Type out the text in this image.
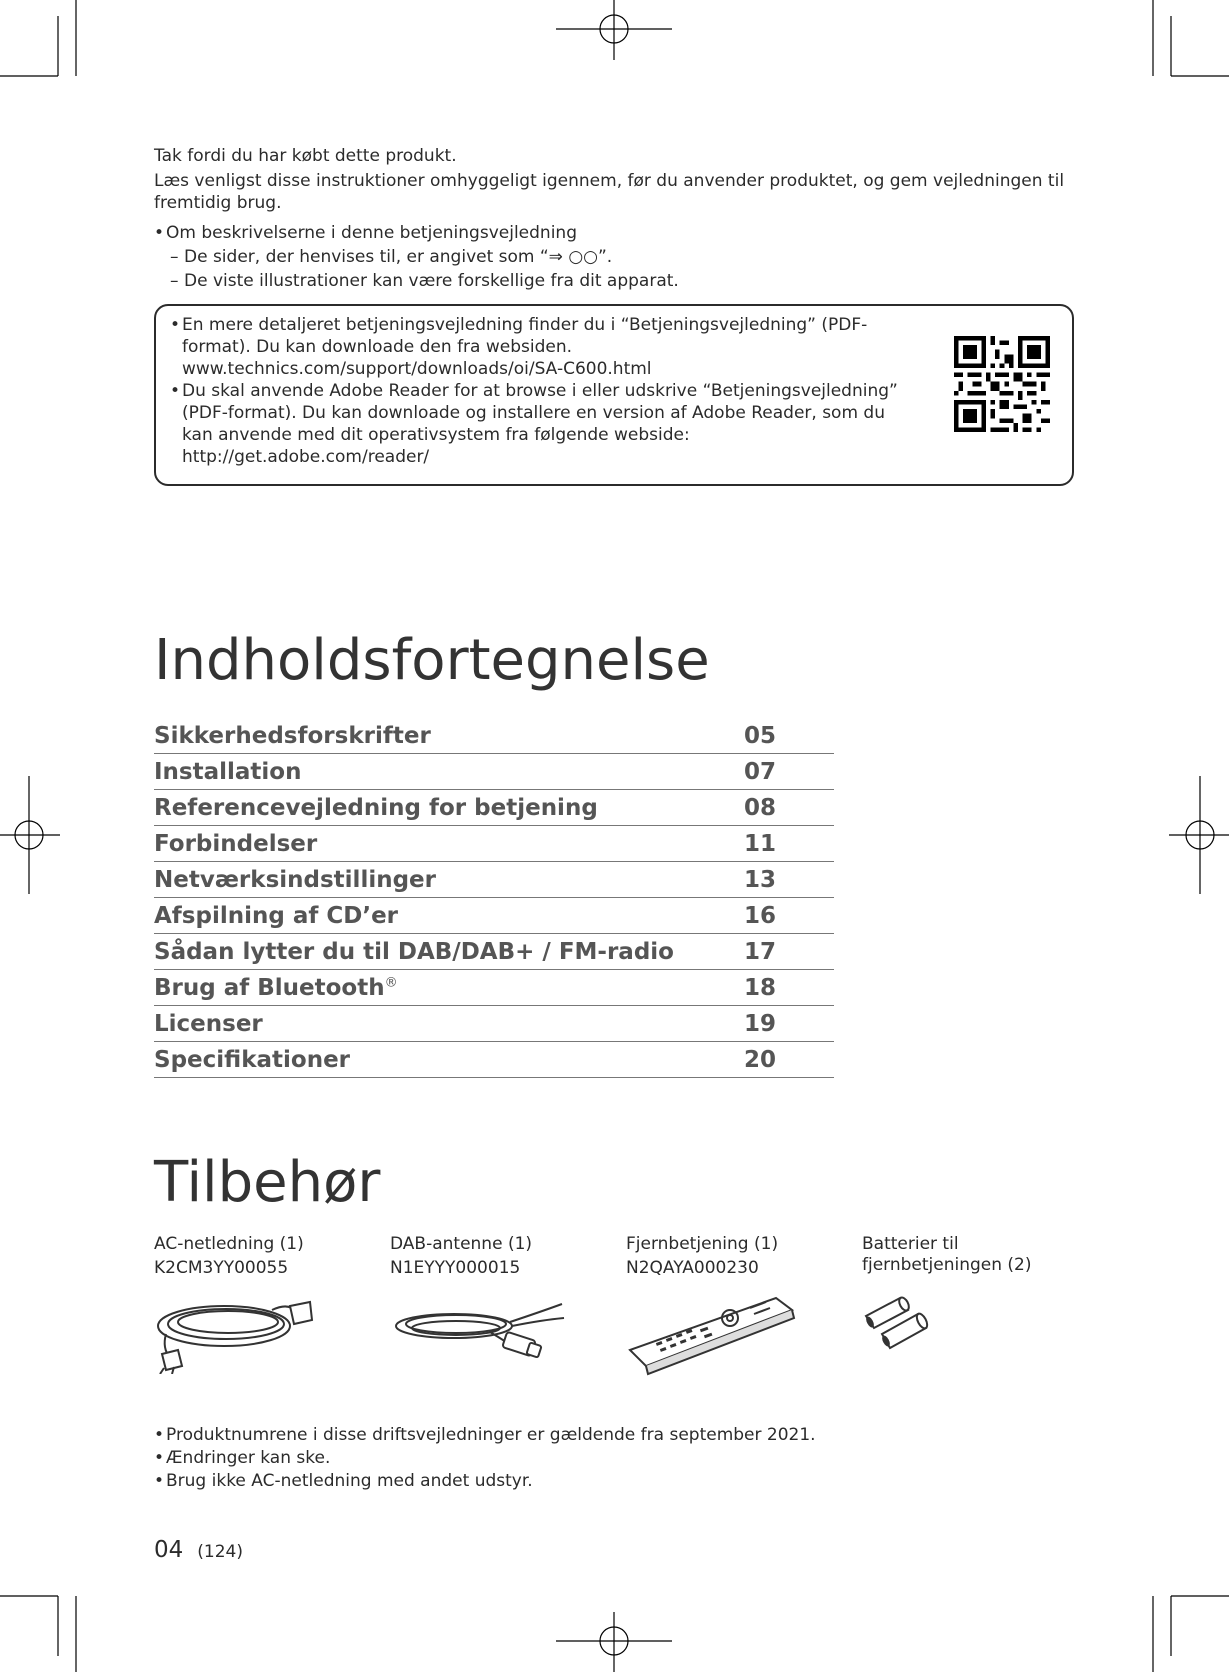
Tak fordi du har købt dette produkt.

Læs venligst disse instruktioner omhyggeligt igennem, før du anvender produktet, og gem vejledningen til fremtidig brug.

• Om beskrivelserne i denne betjeningsvejledning

– De sider, der henvises til, er angivet som “⇒ ○○”.

– De viste illustrationer kan være forskellige fra dit apparat.

• En mere detaljeret betjeningsvejledning finder du i “Betjeningsvejledning” (PDF-format). Du kan downloade den fra websiden.
www.technics.com/support/downloads/oi/SA-C600.html
• Du skal anvende Adobe Reader for at browse i eller udskrive “Betjeningsvejledning” (PDF-format). Du kan downloade og installere en version af Adobe Reader, som du kan anvende med dit operativsystem fra følgende webside:
http://get.adobe.com/reader/
Indholdsfortegnelse
Sikkerhedsforskrifter	05
Installation	07
Referencevejledning for betjening	08
Forbindelser	11
Netværksindstillinger	13
Afspilning af CD’er	16
Sådan lytter du til DAB/DAB+ / FM-radio	17
Brug af Bluetooth®	18
Licenser	19
Specifikationer	20
Tilbehør
AC-netledning (1)
K2CM3YY00055
DAB-antenne (1)
N1EYYY000015
Fjernbetjening (1)
N2QAYA000230
Batterier til fjernbetjeningen (2)
• Produktnumrene i disse driftsvejledninger er gældende fra september 2021.
• Ændringer kan ske.
• Brug ikke AC-netledning med andet udstyr.
04 (124)
